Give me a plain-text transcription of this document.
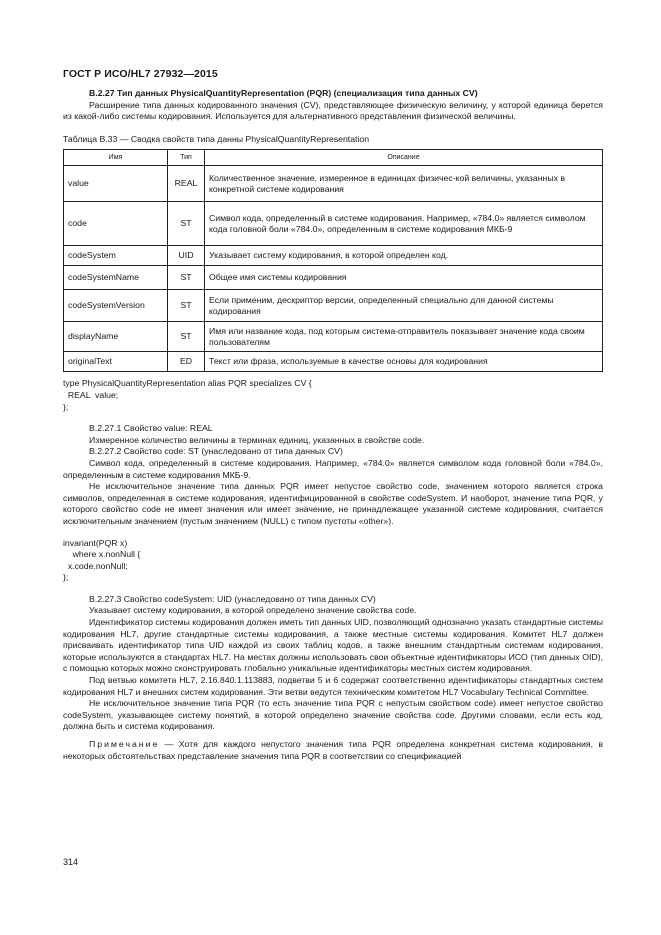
ГОСТ Р ИСО/HL7 27932—2015

B.2.27 Тип данных PhysicalQuantityRepresentation (PQR) (специализация типа данных CV)

Расширение типа данных кодированного значения (CV), представляющее физическую величину, у которой единица берется из какой-либо системы кодирования. Используется для альтернативного представления физической величины.

Таблица B.33 — Сводка свойств типа данны PhysicalQuantityRepresentation

Имя	Тип	Описание
value	REAL	Количественное значение, измеренное в единицах физичес-кой величины, указанных в конкретной системе кодирования
code	ST	Символ кода, определенный в системе кодирования. Например, «784.0» является символом кода головной боли «784.0», определенным в системе кодирования МКБ-9
codeSystem	UID	Указывает систему кодирования, в которой определен код.
codeSystemName	ST	Общее имя системы кодирования
codeSystemVersion	ST	Если применим, дескриптор версии, определенный специально для данной системы кодирования
displayName	ST	Имя или название кода, под которым система-отправитель показывает значение кода своим пользователям
originalText	ED	Текст или фраза, используемые в качестве основы для кодирования

type PhysicalQuantityRepresentation alias PQR specializes CV {

REAL  value;

};

B.2.27.1 Свойство value: REAL

Измеренное количество величины в терминах единиц, указанных в свойстве code.

B.2.27.2 Свойство code: ST (унаследовано от типа данных CV)

Символ кода, определенный в системе кодирования. Например, «784.0» является символом кода головной боли «784.0», определенным в системе кодирования МКБ-9.

Не исключительное значение типа данных PQR имеет непустое свойство code, значением которого является строка символов, определенная в системе кодирования, идентифицированной в свойстве codeSystem. И наоборот, значение типа PQR, у которого свойство code не имеет значения или имеет значение, не принадлежащее указанной системе кодирования, считается исключительным значением (пустым значением (NULL) с типом пустоты «other»).

invariant(PQR x)

where x.nonNull {

x.code.nonNull;

};

B.2.27.3 Свойство codeSystem: UID (унаследовано от типа данных CV)

Указывает систему кодирования, в которой определено значение свойства code.

Идентификатор системы кодирования должен иметь тип данных UID, позволяющий однозначно указать стандартные системы кодирования HL7, другие стандартные системы кодирования, а также местные системы кодирования. Комитет HL7 должен присваивать идентификатор типа UID каждой из своих таблиц кодов, а также внешним стандартным системам кодирования, которые используются в стандартах HL7. На местах должны использовать свои объектные идентификаторы ИСО (тип данных OID), с помощью которых можно сконструировать глобально уникальные идентификаторы местных систем кодирования.

Под ветвью комитета HL7, 2.16.840.1.113883, подветви 5 и 6 содержат соответственно идентификаторы стандартных систем кодирования HL7 и внешних систем кодирования. Эти ветви ведутся техническим комитетом HL7 Vocabulary Technical Committee.

Не исключительное значение типа PQR (то есть значение типа PQR с непустым свойством code) имеет непустое свойство codeSystem, указывающее систему понятий, в которой определено значение свойства code. Другими словами, если есть код, должна быть и система кодирования.

Примечание — Хотя для каждого непустого значения типа PQR определена конкретная система кодирования, в некоторых обстоятельствах представление значения типа PQR в соответствии со спецификацией

314
